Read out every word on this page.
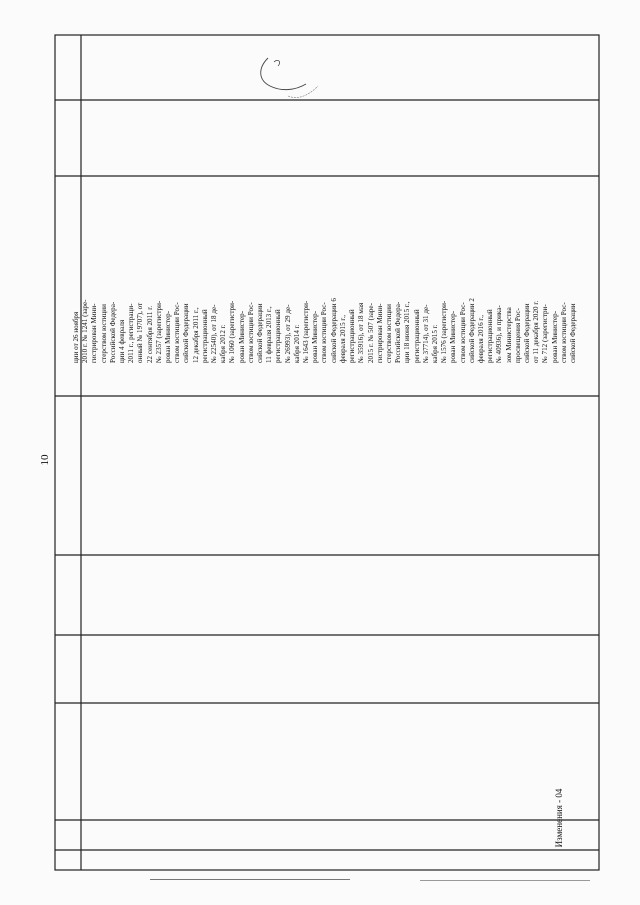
10
ции от 26 ноября 2010 г. № 1241 (заре- гистрирован Мини- стерством юстиции Российской Федера- ции 4 февраля 2011 г., регистраци- онный № 19707), от 22 сентября 2011 г. № 2357 (зарегистри- рован Министер- ством юстиции Рос- сийской Федерации 12 декабря 2011 г., регистрационный № 22540), от 18 де- кабря 2012 г. № 1060 (зарегистри- рован Министер- ством юстиции Рос- сийской Федерации 11 февраля 2013 г., регистрационный № 26993), от 29 де- кабря 2014 г. № 1643 (зарегистри- рован Министер- ством юстиции Рос- сийской Федерации 6 февраля 2015 г., регистрационный № 35916), от 18 мая 2015 г. № 507 (заре- гистрирован Мини- стерством юстиции Российской Федера- ции 18 июня 2015 г., регистрационный № 37714), от 31 де- кабря 2015 г. № 1576 (зарегистри- рован Министер- ством юстиции Рос- сийской Федерации 2 февраля 2016 г., регистрационный № 40936), и прика- зом Министерства просвещения Рос- сийской Федерации от 11 декабря 2020 г. № 712 (зарегистри- рован Министер- ством юстиции Рос- сийской Федерации
Изменения - 04
